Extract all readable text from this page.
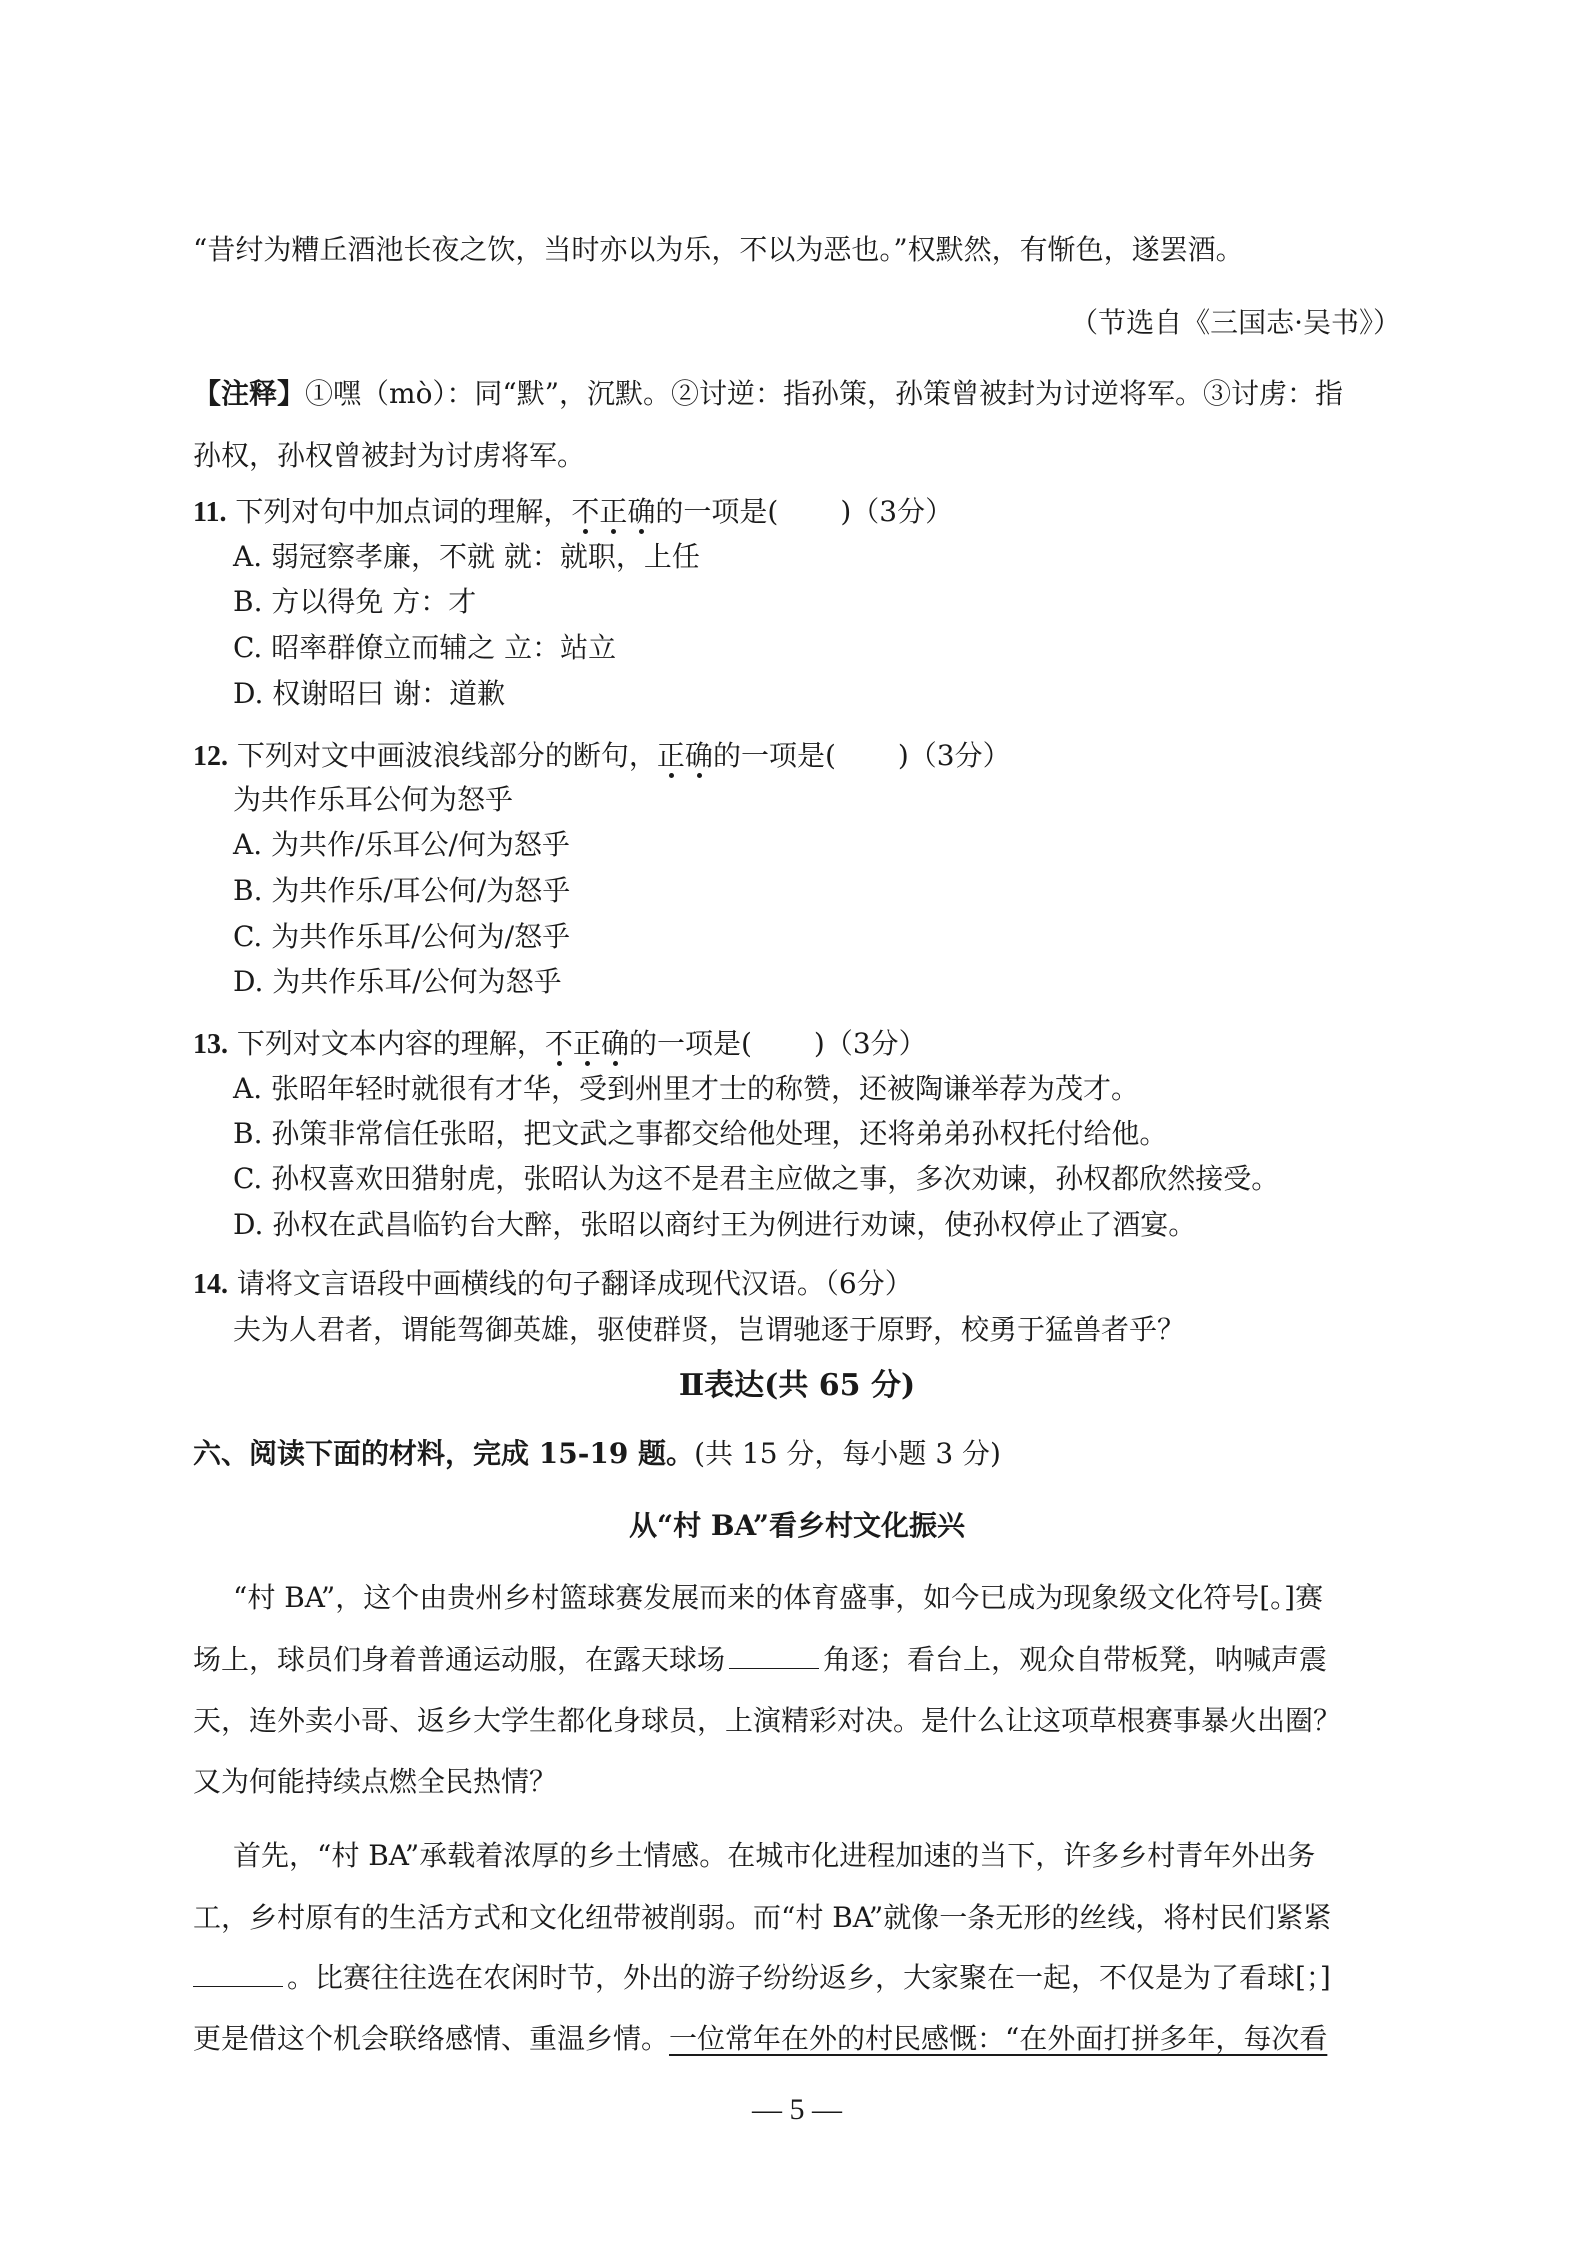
“昔纣为糟丘酒池长夜之饮，当时亦以为乐，不以为恶也。”权默然，有惭色，遂罢酒。
（节选自《三国志·吴书》）
【注释】①嘿（mò）：同“默”，沉默。②讨逆：指孙策，孙策曾被封为讨逆将军。③讨虏：指
孙权，孙权曾被封为讨虏将军。
11. 下列对句中加点词的理解，不正确的一项是( )（3分）
A. 弱冠察孝廉，不就 就：就职，上任
B. 方以得免 方：才
C. 昭率群僚立而辅之 立：站立
D. 权谢昭曰 谢：道歉
12. 下列对文中画波浪线部分的断句，正确的一项是( )（3分）
为共作乐耳公何为怒乎
A. 为共作/乐耳公/何为怒乎
B. 为共作乐/耳公何/为怒乎
C. 为共作乐耳/公何为/怒乎
D. 为共作乐耳/公何为怒乎
13. 下列对文本内容的理解，不正确的一项是( )（3分）
A. 张昭年轻时就很有才华，受到州里才士的称赞，还被陶谦举荐为茂才。
B. 孙策非常信任张昭，把文武之事都交给他处理，还将弟弟孙权托付给他。
C. 孙权喜欢田猎射虎，张昭认为这不是君主应做之事，多次劝谏，孙权都欣然接受。
D. 孙权在武昌临钓台大醉，张昭以商纣王为例进行劝谏，使孙权停止了酒宴。
14. 请将文言语段中画横线的句子翻译成现代汉语。（6分）
夫为人君者，谓能驾御英雄，驱使群贤，岂谓驰逐于原野，校勇于猛兽者乎？
Ⅱ表达(共 65 分)
六、阅读下面的材料，完成 15-19 题。(共 15 分，每小题 3 分)
从“村 BA”看乡村文化振兴
“村 BA”，这个由贵州乡村篮球赛发展而来的体育盛事，如今已成为现象级文化符号[。]赛
场上，球员们身着普通运动服，在露天球场	角逐；看台上，观众自带板凳，呐喊声震
天，连外卖小哥、返乡大学生都化身球员，上演精彩对决。是什么让这项草根赛事暴火出圈？
又为何能持续点燃全民热情？
首先，“村 BA”承载着浓厚的乡土情感。在城市化进程加速的当下，许多乡村青年外出务
工，乡村原有的生活方式和文化纽带被削弱。而“村 BA”就像一条无形的丝线，将村民们紧紧
。比赛往往选在农闲时节，外出的游子纷纷返乡，大家聚在一起，不仅是为了看球[；]
更是借这个机会联络感情、重温乡情。一位常年在外的村民感慨：“在外面打拼多年，每次看
— 5 —
